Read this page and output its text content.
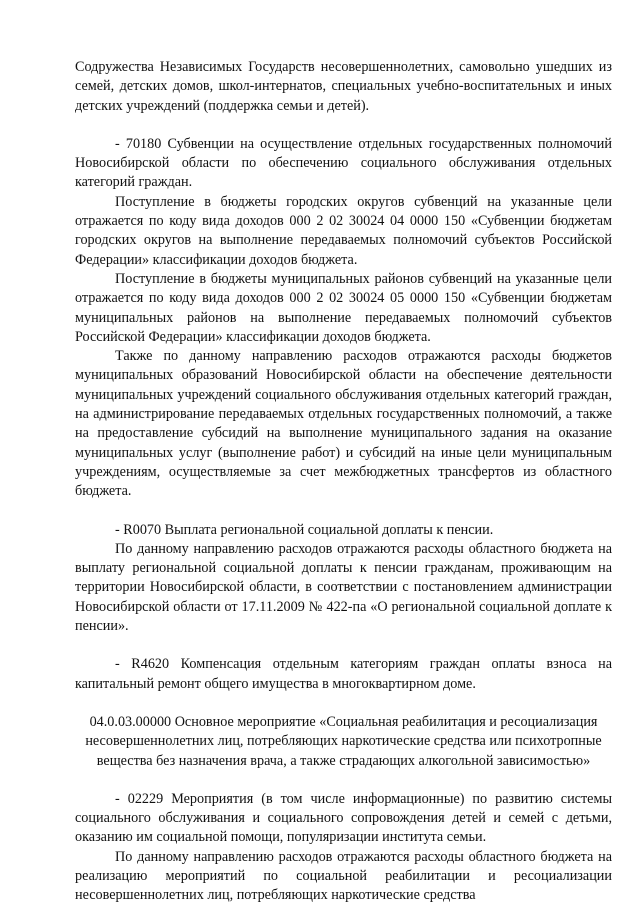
Содружества Независимых Государств несовершеннолетних, самовольно ушедших из семей, детских домов, школ-интернатов, специальных учебно-воспитательных и иных детских учреждений (поддержка семьи и детей).

- 70180 Субвенции на осуществление отдельных государственных полномочий Новосибирской области по обеспечению социального обслуживания отдельных категорий граждан.

Поступление в бюджеты городских округов субвенций на указанные цели отражается по коду вида доходов 000 2 02 30024 04 0000 150 «Субвенции бюджетам городских округов на выполнение передаваемых полномочий субъектов Российской Федерации» классификации доходов бюджета.

Поступление в бюджеты муниципальных районов субвенций на указанные цели отражается по коду вида доходов 000 2 02 30024 05 0000 150 «Субвенции бюджетам муниципальных районов на выполнение передаваемых полномочий субъектов Российской Федерации» классификации доходов бюджета.

Также по данному направлению расходов отражаются расходы бюджетов муниципальных образований Новосибирской области на обеспечение деятельности муниципальных учреждений социального обслуживания отдельных категорий граждан, на администрирование передаваемых отдельных государственных полномочий, а также на предоставление субсидий на выполнение муниципального задания на оказание муниципальных услуг (выполнение работ) и субсидий на иные цели муниципальным учреждениям, осуществляемые за счет межбюджетных трансфертов из областного бюджета.

- R0070 Выплата региональной социальной доплаты к пенсии.

По данному направлению расходов отражаются расходы областного бюджета на выплату региональной социальной доплаты к пенсии гражданам, проживающим на территории Новосибирской области, в соответствии с постановлением администрации Новосибирской области от 17.11.2009 № 422-па «О региональной социальной доплате к пенсии».

- R4620 Компенсация отдельным категориям граждан оплаты взноса на капитальный ремонт общего имущества в многоквартирном доме.

04.0.03.00000 Основное мероприятие «Социальная реабилитация и ресоциализация несовершеннолетних лиц, потребляющих наркотические средства или психотропные вещества без назначения врача, а также страдающих алкогольной зависимостью»

- 02229 Мероприятия (в том числе информационные) по развитию системы социального обслуживания и социального сопровождения детей и семей с детьми, оказанию им социальной помощи, популяризации института семьи.

По данному направлению расходов отражаются расходы областного бюджета на реализацию мероприятий по социальной реабилитации и ресоциализации несовершеннолетних лиц, потребляющих наркотические средства
